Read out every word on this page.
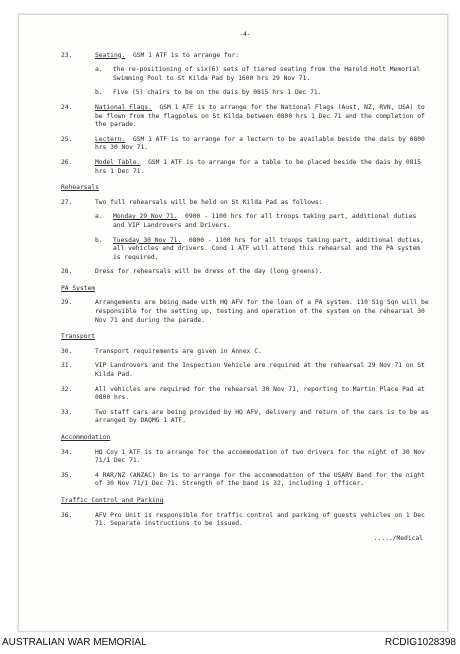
-4-
23.	Seating. GSM 1 ATF is to arrange for:
a.	the re-positioning of six(6) sets of tiered seating from the Harold Holt Memorial Swimming Pool to St Kilda Pad by 1600 hrs 29 Nov 71.
b.	Five (5) chairs to be on the dais by 0815 hrs 1 Dec 71.
24.	National Flags. GSM 1 ATF is to arrange for the National Flags (Aust, NZ, RVN, USA) to be flown from the flagpoles on St Kilda between 0800 hrs 1 Dec 71 and the completion of the parade.
25.	Lectern. GSM 1 ATF is to arrange for a lectern to be available beside the dais by 0800 hrs 30 Nov 71.
26.	Model Table. GSM 1 ATF is to arrange for a table to be placed beside the dais by 0815 hrs 1 Dec 71.
Rehearsals
27.	Two full rehearsals will be held on St Kilda Pad as follows:
a.	Monday 29 Nov 71. 0900 - 1100 hrs for all troops taking part, additional duties and VIP Landrovers and Drivers.
b.	Tuesday 30 Nov 71. 0800 - 1100 hrs for all troops taking part, additional duties, all vehicles and drivers. Cond 1 ATF will attend this rehearsal and the PA system is required.
28.	Dress for rehearsals will be dress of the day (long greens).
PA System
29.	Arrangements are being made with HQ AFV for the loan of a PA system. 110 Sig Sqn will be responsible for the setting up, testing and operation of the system on the rehearsal 30 Nov 71 and during the parade.
Transport
30.	Transport requirements are given in Annex C.
31.	VIP Landrovers and the Inspection Vehicle are required at the rehearsal 29 Nov 71 on St Kilda Pad.
32.	All vehicles are required for the rehearsal 30 Nov 71, reporting to Martin Place Pad at 0800 hrs.
33.	Two staff cars are being provided by HQ AFV, delivery and return of the cars is to be as arranged by DAQMG 1 ATF.
Accommodation
34.	HQ Coy 1 ATF is to arrange for the accommodation of two drivers for the night of 30 Nov 71/1 Dec 71.
35.	4 RAR/NZ (ANZAC) Bn is to arrange for the accommodation of the USARV Band for the night of 30 Nov 71/1 Dec 71. Strength of the band is 32, including 1 officer.
Traffic Control and Parking
36.	AFV Pro Unit is responsible for traffic control and parking of guests vehicles on 1 Dec 71. Separate instructions to be issued.
...../Medical
AUSTRALIAN WAR MEMORIAL	RCDIG1028398
